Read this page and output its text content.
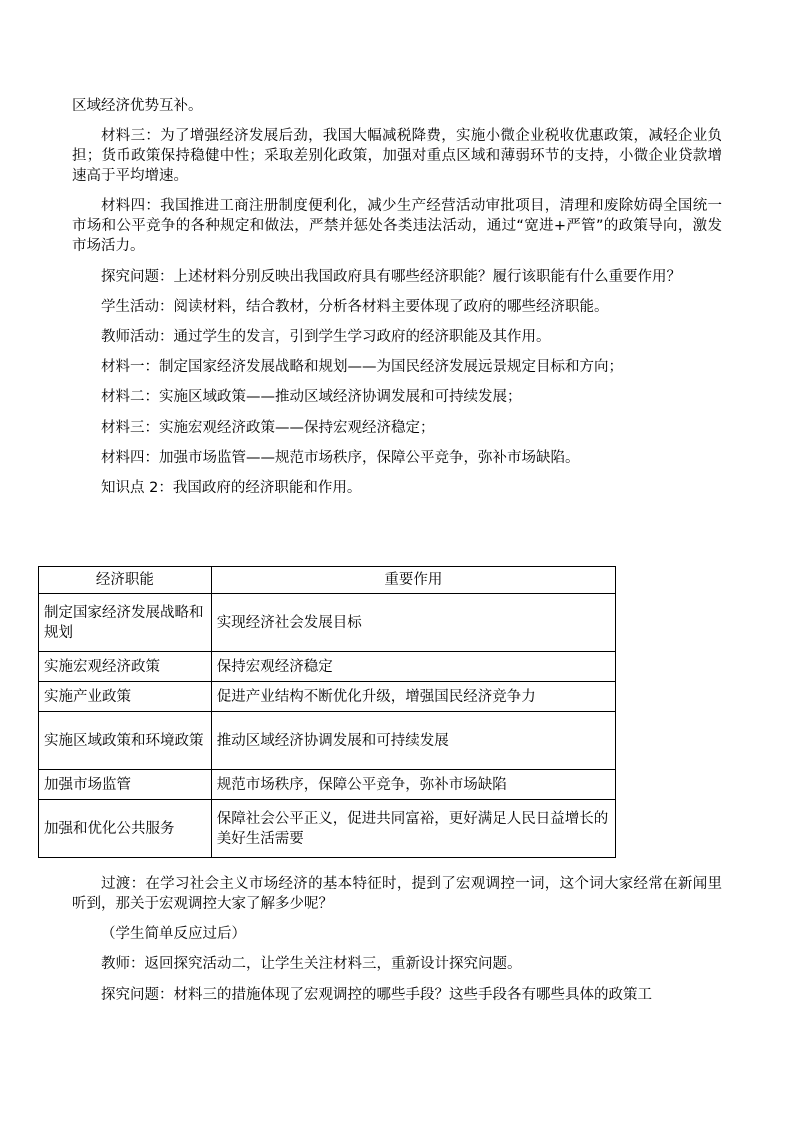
区域经济优势互补。

材料三：为了增强经济发展后劲，我国大幅减税降费，实施小微企业税收优惠政策，减轻企业负担；货币政策保持稳健中性；采取差别化政策，加强对重点区域和薄弱环节的支持，小微企业贷款增速高于平均增速。

材料四：我国推进工商注册制度便利化，减少生产经营活动审批项目，清理和废除妨碍全国统一市场和公平竞争的各种规定和做法，严禁并惩处各类违法活动，通过“宽进+严管”的政策导向，激发市场活力。

探究问题：上述材料分别反映出我国政府具有哪些经济职能？履行该职能有什么重要作用？

学生活动：阅读材料，结合教材，分析各材料主要体现了政府的哪些经济职能。

教师活动：通过学生的发言，引到学生学习政府的经济职能及其作用。

材料一：制定国家经济发展战略和规划——为国民经济发展远景规定目标和方向；

材料二：实施区域政策——推动区域经济协调发展和可持续发展；

材料三：实施宏观经济政策——保持宏观经济稳定；

材料四：加强市场监管——规范市场秩序，保障公平竞争，弥补市场缺陷。

知识点 2：我国政府的经济职能和作用。

经济职能	重要作用
制定国家经济发展战略和规划	实现经济社会发展目标
实施宏观经济政策	保持宏观经济稳定
实施产业政策	促进产业结构不断优化升级，增强国民经济竞争力
实施区域政策和环境政策	推动区域经济协调发展和可持续发展
加强市场监管	规范市场秩序，保障公平竞争，弥补市场缺陷
加强和优化公共服务	保障社会公平正义，促进共同富裕，更好满足人民日益增长的美好生活需要

过渡：在学习社会主义市场经济的基本特征时，提到了宏观调控一词，这个词大家经常在新闻里听到，那关于宏观调控大家了解多少呢？

（学生简单反应过后）

教师：返回探究活动二，让学生关注材料三，重新设计探究问题。

探究问题：材料三的措施体现了宏观调控的哪些手段？这些手段各有哪些具体的政策工
